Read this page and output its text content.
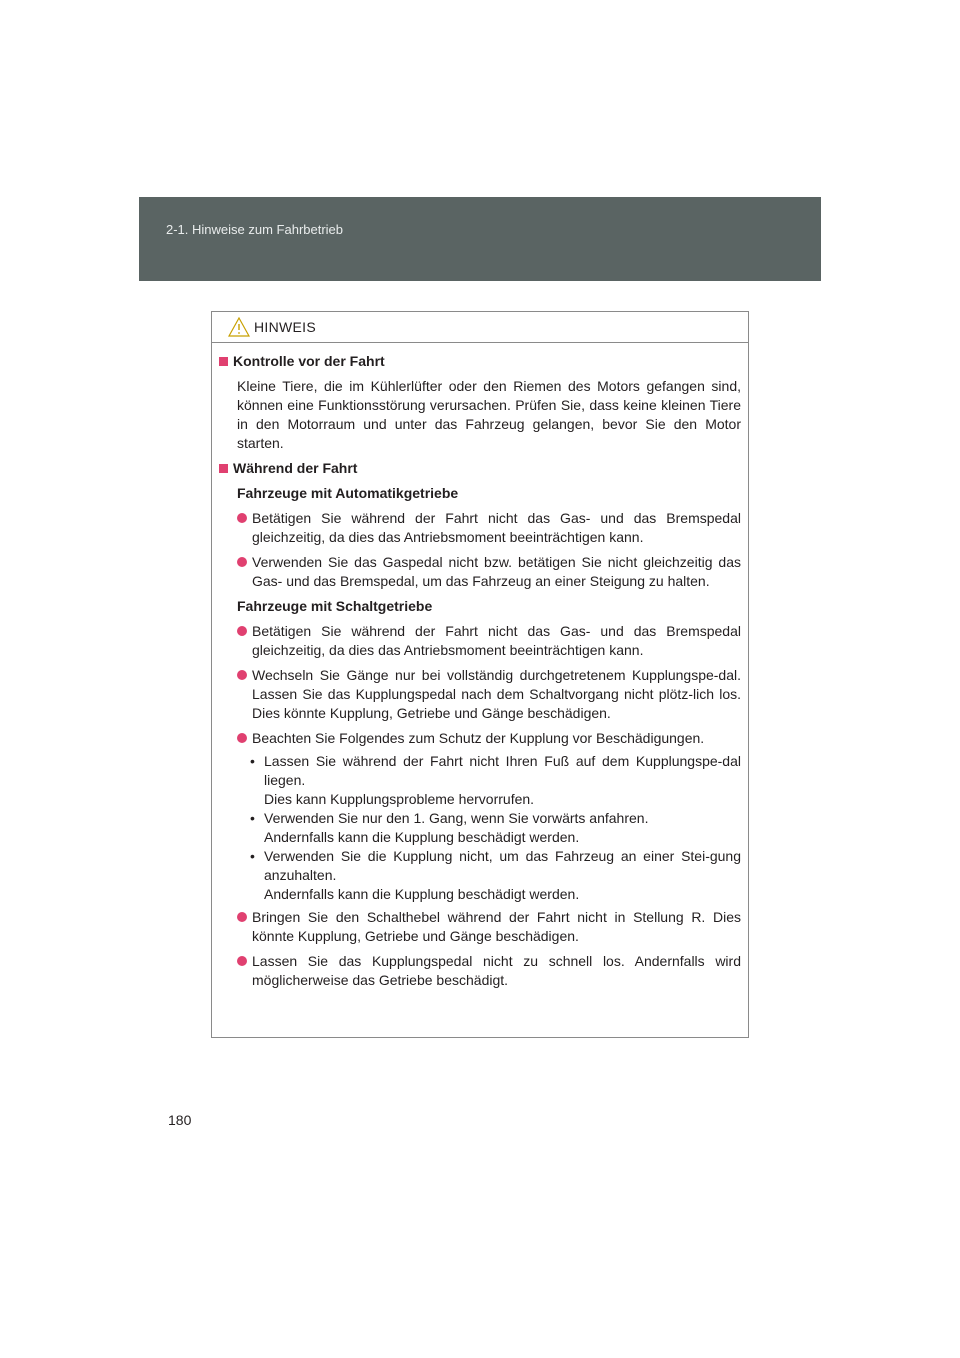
2-1. Hinweise zum Fahrbetrieb
HINWEIS
Kontrolle vor der Fahrt
Kleine Tiere, die im Kühlerlüfter oder den Riemen des Motors gefangen sind, können eine Funktionsstörung verursachen. Prüfen Sie, dass keine kleinen Tiere in den Motorraum und unter das Fahrzeug gelangen, bevor Sie den Motor starten.
Während der Fahrt
Fahrzeuge mit Automatikgetriebe
Betätigen Sie während der Fahrt nicht das Gas- und das Bremspedal gleichzeitig, da dies das Antriebsmoment beeinträchtigen kann.
Verwenden Sie das Gaspedal nicht bzw. betätigen Sie nicht gleichzeitig das Gas- und das Bremspedal, um das Fahrzeug an einer Steigung zu halten.
Fahrzeuge mit Schaltgetriebe
Betätigen Sie während der Fahrt nicht das Gas- und das Bremspedal gleichzeitig, da dies das Antriebsmoment beeinträchtigen kann.
Wechseln Sie Gänge nur bei vollständig durchgetretenem Kupplungspe-dal. Lassen Sie das Kupplungspedal nach dem Schaltvorgang nicht plötz-lich los. Dies könnte Kupplung, Getriebe und Gänge beschädigen.
Beachten Sie Folgendes zum Schutz der Kupplung vor Beschädigungen.
• Lassen Sie während der Fahrt nicht Ihren Fuß auf dem Kupplungspe-dal liegen.
Dies kann Kupplungsprobleme hervorrufen.
• Verwenden Sie nur den 1. Gang, wenn Sie vorwärts anfahren.
Andernfalls kann die Kupplung beschädigt werden.
• Verwenden Sie die Kupplung nicht, um das Fahrzeug an einer Stei-gung anzuhalten.
Andernfalls kann die Kupplung beschädigt werden.
Bringen Sie den Schalthebel während der Fahrt nicht in Stellung R. Dies könnte Kupplung, Getriebe und Gänge beschädigen.
Lassen Sie das Kupplungspedal nicht zu schnell los. Andernfalls wird möglicherweise das Getriebe beschädigt.
180
